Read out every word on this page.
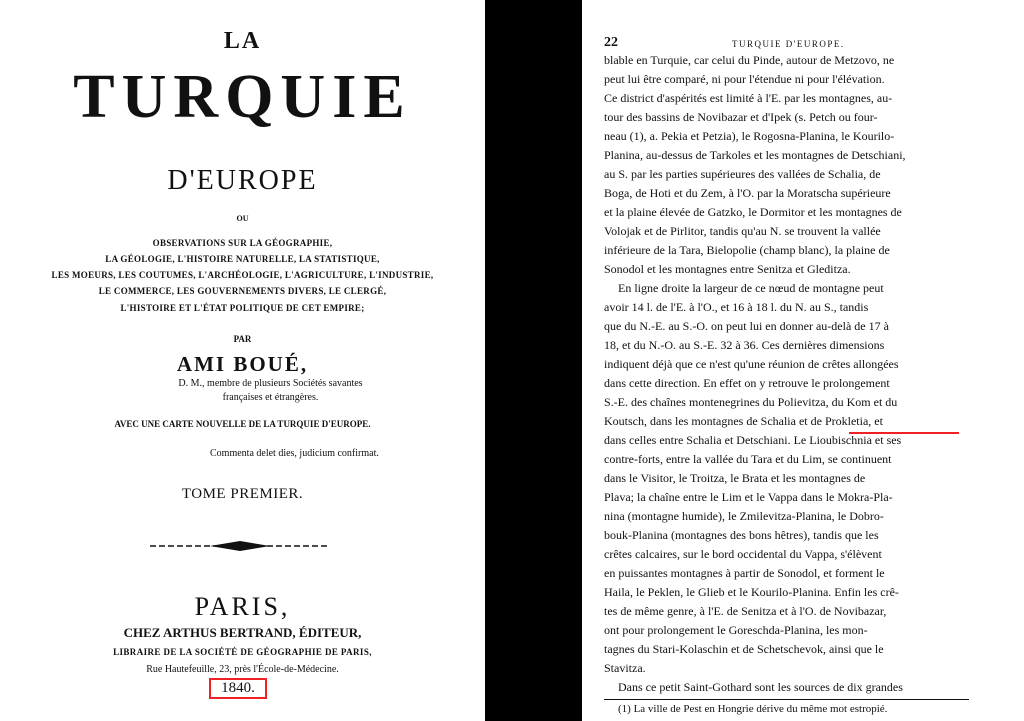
LA
TURQUIE
D'EUROPE
OU
OBSERVATIONS SUR LA GÉOGRAPHIE,
LA GÉOLOGIE, L'HISTOIRE NATURELLE, LA STATISTIQUE,
LES MOEURS, LES COUTUMES, L'ARCHÉOLOGIE, L'AGRICULTURE, L'INDUSTRIE,
LE COMMERCE, LES GOUVERNEMENTS DIVERS, LE CLERGÉ,
L'HISTOIRE ET L'ÉTAT POLITIQUE DE CET EMPIRE;
PAR
AMI BOUÉ,
D. M., membre de plusieurs Sociétés savantes
françaises et étrangères.
AVEC UNE CARTE NOUVELLE DE LA TURQUIE D'EUROPE.
Commenta delet dies, judicium confirmat.
TOME PREMIER.
PARIS,
CHEZ ARTHUS BERTRAND, ÉDITEUR,
LIBRAIRE DE LA SOCIÉTÉ DE GÉOGRAPHIE DE PARIS,
Rue Hautefeuille, 23, près l'École-de-Médecine.
1840.
22	TURQUIE D'EUROPE.
blable en Turquie, car celui du Pinde, autour de Metzovo, ne
peut lui être comparé, ni pour l'étendue ni pour l'élévation.
Ce district d'aspérités est limité à l'E. par les montagnes, au-
tour des bassins de Novibazar et d'Ipek (s. Petch ou four-
neau (1), a. Pekia et Petzia), le Rogosna-Planina, le Kourilo-
Planina, au-dessus de Tarkoles et les montagnes de Detschiani,
au S. par les parties supérieures des vallées de Schalia, de
Boga, de Hoti et du Zem, à l'O. par la Moratscha supérieure
et la plaine élevée de Gatzko, le Dormitor et les montagnes de
Volojak et de Pirlitor, tandis qu'au N. se trouvent la vallée
inférieure de la Tara, Bielopolie (champ blanc), la plaine de
Sonodol et les montagnes entre Senitza et Gleditza.
En ligne droite la largeur de ce nœud de montagne peut
avoir 14 l. de l'E. à l'O., et 16 à 18 l. du N. au S., tandis
que du N.-E. au S.-O. on peut lui en donner au-delà de 17 à
18, et du N.-O. au S.-E. 32 à 36. Ces dernières dimensions
indiquent déjà que ce n'est qu'une réunion de crêtes allongées
dans cette direction. En effet on y retrouve le prolongement
S.-E. des chaînes montenegrines du Polievitza, du Kom et du
Koutsch, dans les montagnes de Schalia et de Prokletia, et
dans celles entre Schalia et Detschiani. Le Lioubischnia et ses
contre-forts, entre la vallée du Tara et du Lim, se continuent
dans le Visitor, le Troitza, le Brata et les montagnes de
Plava; la chaîne entre le Lim et le Vappa dans le Mokra-Pla-
nina (montagne humide), le Zmilevitza-Planina, le Dobro-
bouk-Planina (montagnes des bons hêtres), tandis que les
crêtes calcaires, sur le bord occidental du Vappa, s'élèvent
en puissantes montagnes à partir de Sonodol, et forment le
Haila, le Peklen, le Glieb et le Kourilo-Planina. Enfin les crê-
tes de même genre, à l'E. de Senitza et à l'O. de Novibazar,
ont pour prolongement le Goreschda-Planina, les mon-
tagnes du Stari-Kolaschin et de Schetschevok, ainsi que le
Stavitza.
Dans ce petit Saint-Gothard sont les sources de dix grandes
(1) La ville de Pest en Hongrie dérive du même mot estropié.
